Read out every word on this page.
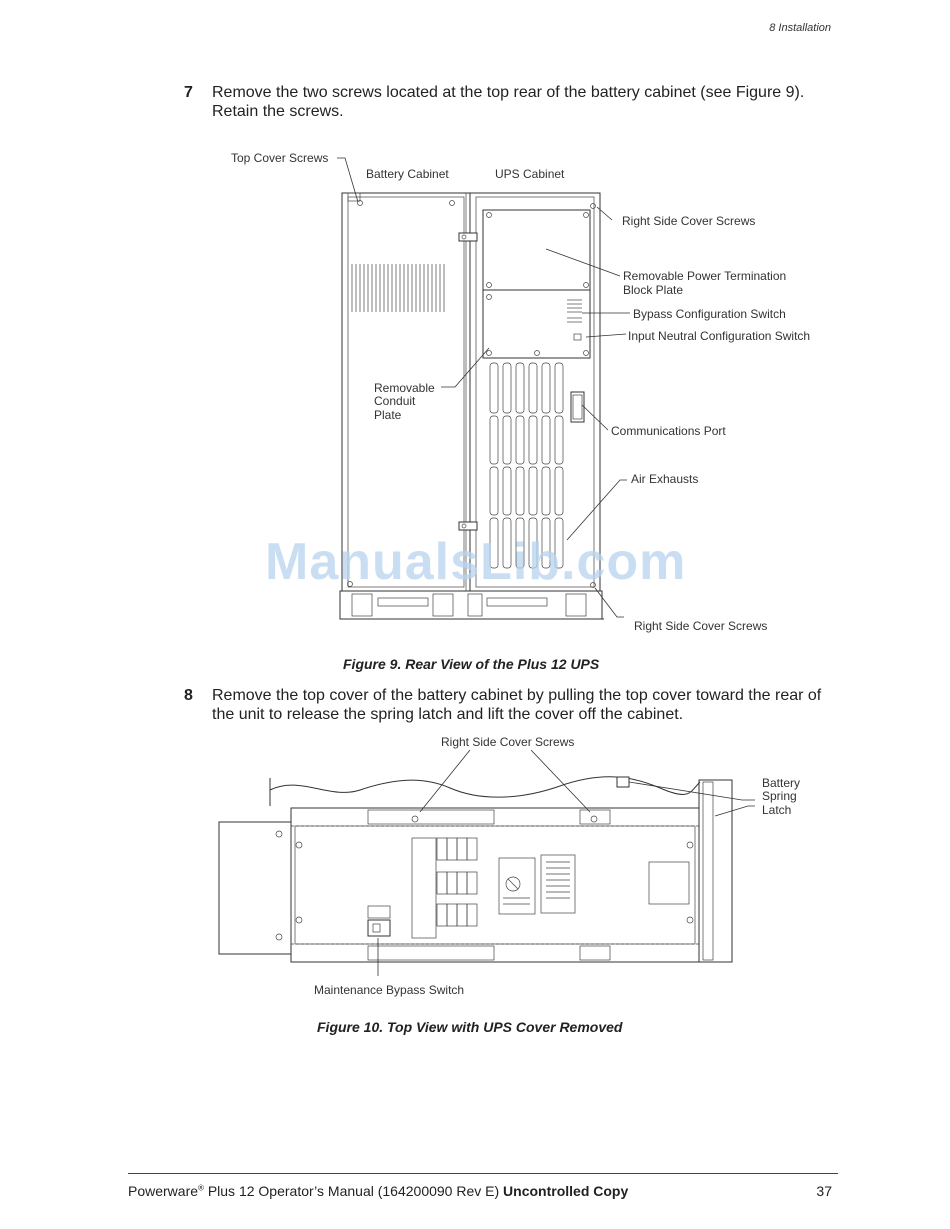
8 Installation
7 Remove the two screws located at the top rear of the battery cabinet (see Figure 9). Retain the screws.
Top Cover Screws
Battery Cabinet	UPS Cabinet
Right Side Cover Screws
Removable Power Termination
Block Plate
Bypass Configuration Switch
Input Neutral Configuration Switch
Removable
Conduit
Plate
Communications Port
Air Exhausts
Right Side Cover Screws
ManualsLib.com
Figure 9. Rear View of the Plus 12 UPS
8 Remove the top cover of the battery cabinet by pulling the top cover toward the rear of the unit to release the spring latch and lift the cover off the cabinet.
Right Side Cover Screws
Battery
Spring
Latch
Maintenance Bypass Switch
Figure 10. Top View with UPS Cover Removed
Powerware® Plus 12 Operator’s Manual (164200090 Rev E) Uncontrolled Copy	37
